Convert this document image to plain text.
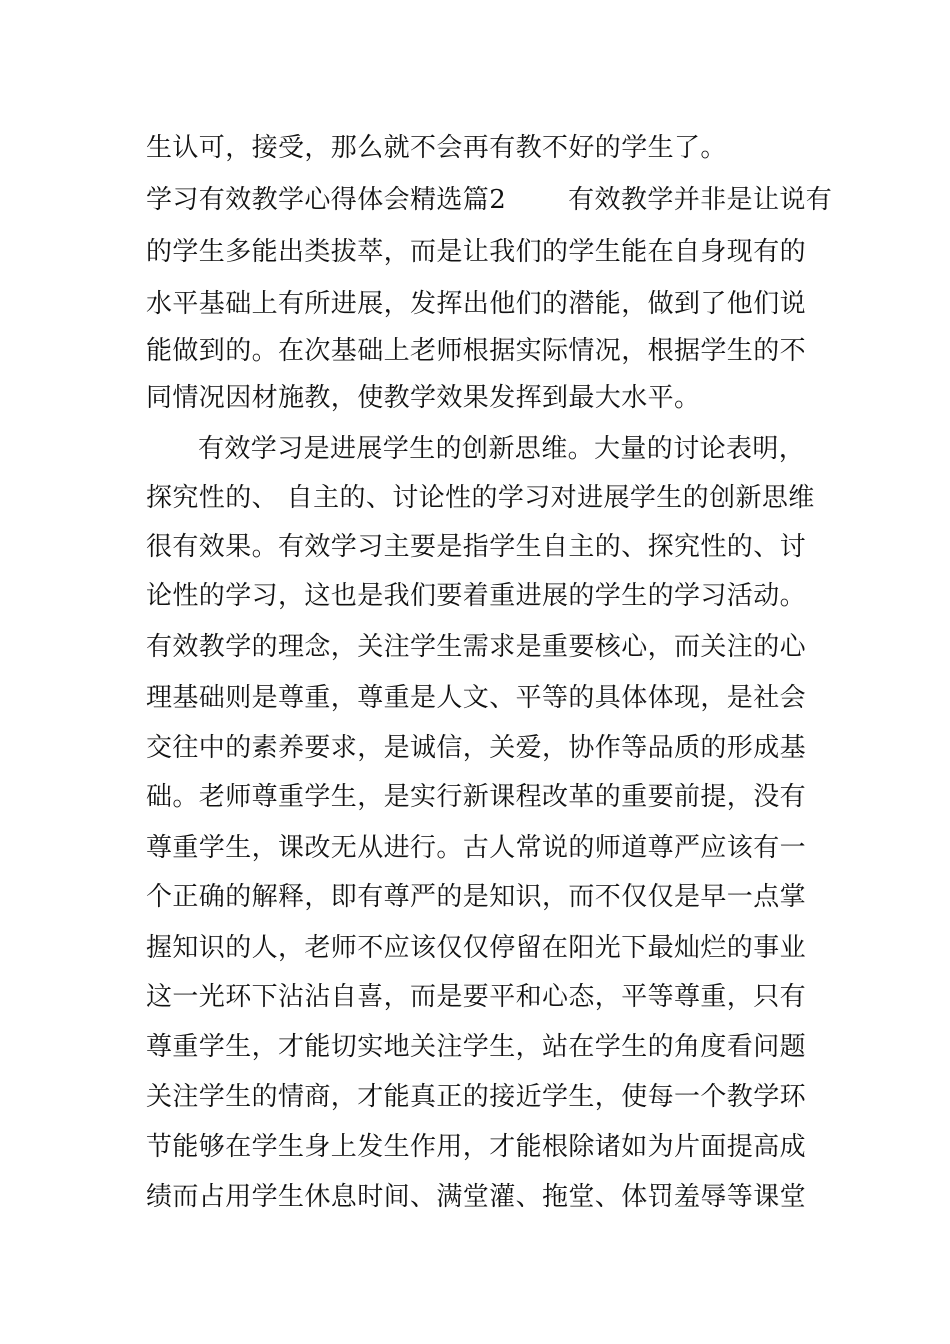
生认可，接受，那么就不会再有教不好的学生了。
学习有效教学心得体会精选篇2 有效教学并非是让说有
的学生多能出类拔萃，而是让我们的学生能在自身现有的
水平基础上有所进展，发挥出他们的潜能，做到了他们说
能做到的。在次基础上老师根据实际情况，根据学生的不
同情况因材施教，使教学效果发挥到最大水平。
有效学习是进展学生的创新思维。大量的讨论表明，
探究性的、 自主的、讨论性的学习对进展学生的创新思维
很有效果。有效学习主要是指学生自主的、探究性的、讨
论性的学习，这也是我们要着重进展的学生的学习活动。
有效教学的理念，关注学生需求是重要核心，而关注的心
理基础则是尊重，尊重是人文、平等的具体体现，是社会
交往中的素养要求，是诚信，关爱，协作等品质的形成基
础。老师尊重学生，是实行新课程改革的重要前提，没有
尊重学生，课改无从进行。古人常说的师道尊严应该有一
个正确的解释，即有尊严的是知识，而不仅仅是早一点掌
握知识的人，老师不应该仅仅停留在阳光下最灿烂的事业
这一光环下沾沾自喜，而是要平和心态，平等尊重，只有
尊重学生，才能切实地关注学生，站在学生的角度看问题
关注学生的情商，才能真正的接近学生，使每一个教学环
节能够在学生身上发生作用，才能根除诸如为片面提高成
绩而占用学生休息时间、满堂灌、拖堂、体罚羞辱等课堂
